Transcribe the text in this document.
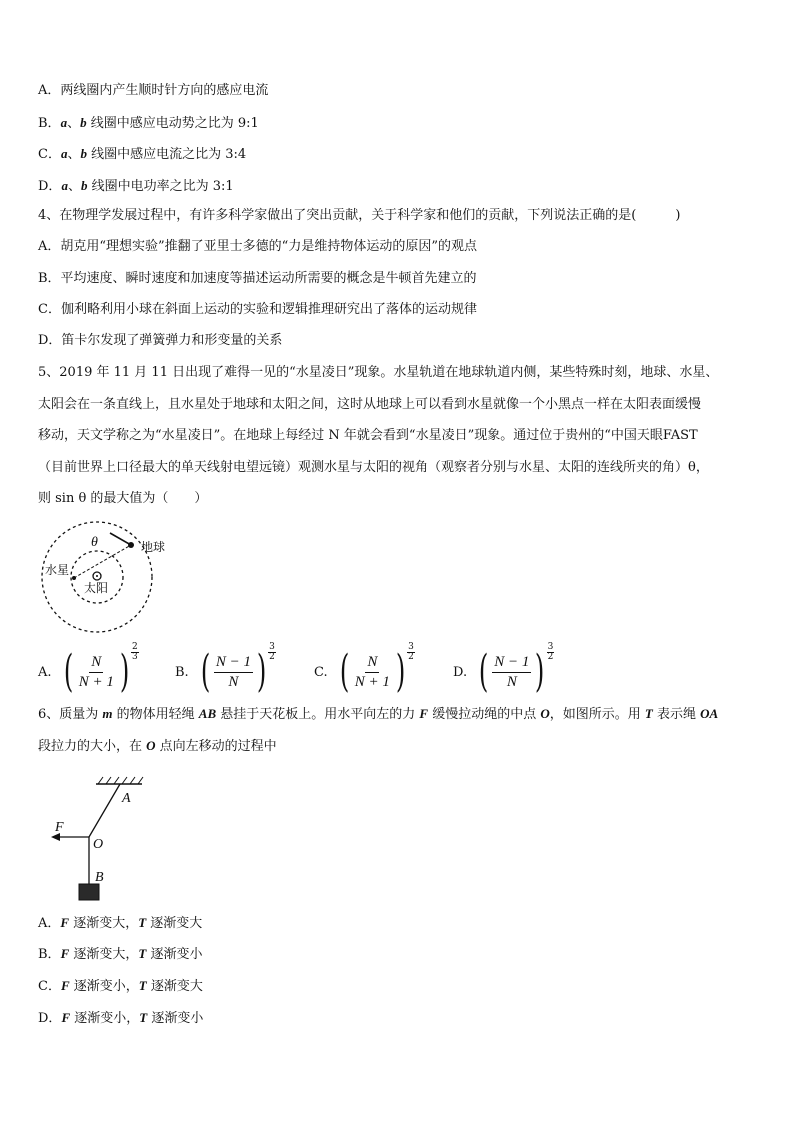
A．两线圈内产生顺时针方向的感应电流
B．a、b 线圈中感应电动势之比为 9:1
C．a、b 线圈中感应电流之比为 3:4
D．a、b 线圈中电功率之比为 3:1
4、在物理学发展过程中，有许多科学家做出了突出贡献，关于科学家和他们的贡献，下列说法正确的是(　　　)
A．胡克用“理想实验”推翻了亚里士多德的“力是维持物体运动的原因”的观点
B．平均速度、瞬时速度和加速度等描述运动所需要的概念是牛顿首先建立的
C．伽利略利用小球在斜面上运动的实验和逻辑推理研究出了落体的运动规律
D．笛卡尔发现了弹簧弹力和形变量的关系
5、2019 年 11 月 11 日出现了难得一见的“水星凌日”现象。水星轨道在地球轨道内侧，某些特殊时刻，地球、水星、
太阳会在一条直线上，且水星处于地球和太阳之间，这时从地球上可以看到水星就像一个小黑点一样在太阳表面缓慢
移动，天文学称之为“水星凌日”。在地球上每经过 N 年就会看到“水星凌日”现象。通过位于贵州的“中国天眼FAST
（目前世界上口径最大的单天线射电望远镜）观测水星与太阳的视角（观察者分别与水星、太阳的连线所夹的角）θ，
则 sin θ 的最大值为（　　）
地球
水星
太阳
θ
A. ( $\frac{N}{N + 1}$ ) $\frac{2}{3}$
B. ( $\frac{N - 1}{N}$ ) $\frac{3}{2}$
C. ( $\frac{N}{N + 1}$ ) $\frac{3}{2}$
D. ( $\frac{N - 1}{N}$ ) $\frac{3}{2}$
6、质量为 m 的物体用轻绳 AB 悬挂于天花板上。用水平向左的力 F 缓慢拉动绳的中点 O，如图所示。用 T 表示绳 OA
段拉力的大小，在 O 点向左移动的过程中
A
F
O
B
A．F 逐渐变大，T 逐渐变大
B．F 逐渐变大，T 逐渐变小
C．F 逐渐变小，T 逐渐变大
D．F 逐渐变小，T 逐渐变小
